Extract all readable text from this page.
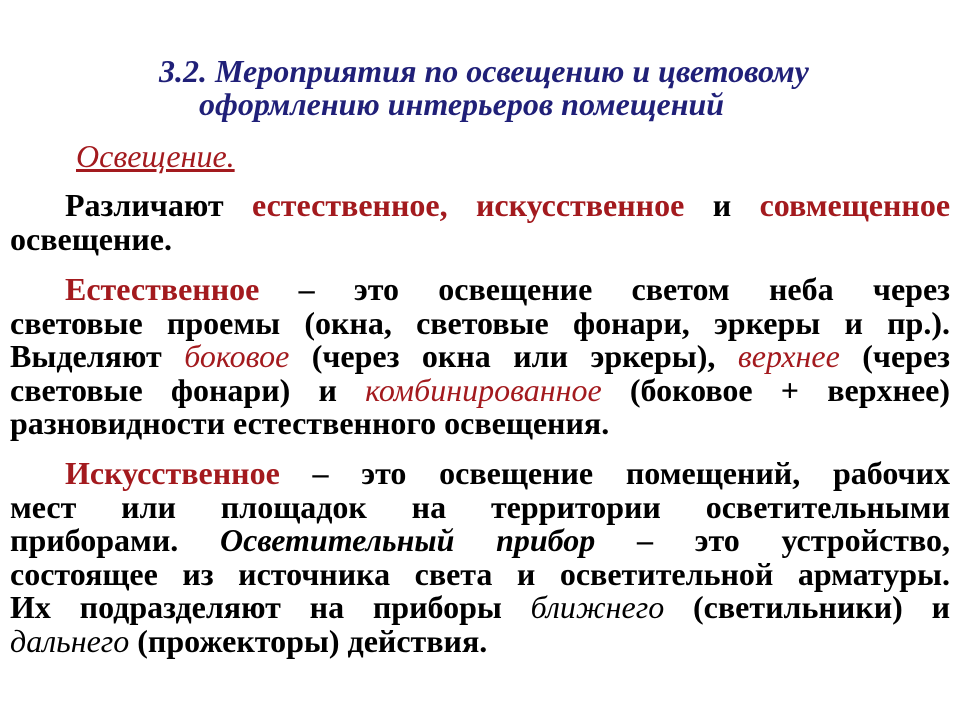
3.2. Мероприятия по освещению и цветовому
оформлению интерьеров помещений
Освещение.
Различают естественное, искусственное и совмещенное
освещение.
Естественное – это освещение светом неба через
световые проемы (окна, световые фонари, эркеры и пр.).
Выделяют боковое (через окна или эркеры), верхнее (через
световые фонари) и комбинированное (боковое + верхнее)
разновидности естественного освещения.
Искусственное – это освещение помещений, рабочих
мест или площадок на территории осветительными
приборами. Осветительный прибор – это устройство,
состоящее из источника света и осветительной арматуры.
Их подразделяют на приборы ближнего (светильники) и
дальнего (прожекторы) действия.
